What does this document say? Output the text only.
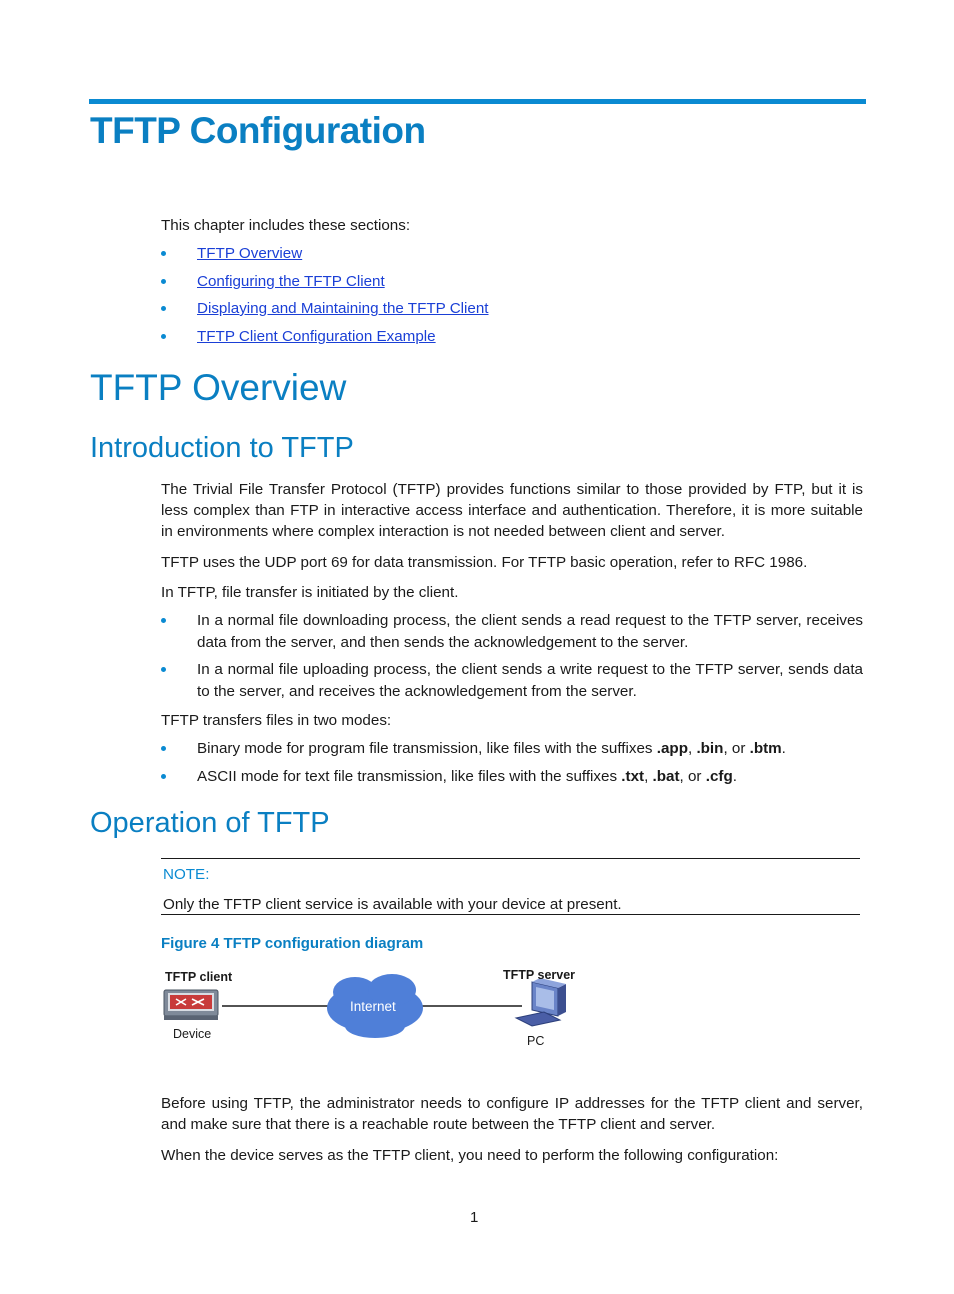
TFTP Configuration
This chapter includes these sections:
TFTP Overview
Configuring the TFTP Client
Displaying and Maintaining the TFTP Client
TFTP Client Configuration Example
TFTP Overview
Introduction to TFTP
The Trivial File Transfer Protocol (TFTP) provides functions similar to those provided by FTP, but it is less complex than FTP in interactive access interface and authentication. Therefore, it is more suitable in environments where complex interaction is not needed between client and server.
TFTP uses the UDP port 69 for data transmission. For TFTP basic operation, refer to RFC 1986.
In TFTP, file transfer is initiated by the client.
In a normal file downloading process, the client sends a read request to the TFTP server, receives data from the server, and then sends the acknowledgement to the server.
In a normal file uploading process, the client sends a write request to the TFTP server, sends data to the server, and receives the acknowledgement from the server.
TFTP transfers files in two modes:
Binary mode for program file transmission, like files with the suffixes .app, .bin, or .btm.
ASCII mode for text file transmission, like files with the suffixes .txt, .bat, or .cfg.
Operation of TFTP
NOTE:
Only the TFTP client service is available with your device at present.
Figure 4 TFTP configuration diagram
TFTP client
Device
Internet
TFTP server
PC
Before using TFTP, the administrator needs to configure IP addresses for the TFTP client and server, and make sure that there is a reachable route between the TFTP client and server.
When the device serves as the TFTP client, you need to perform the following configuration:
1
